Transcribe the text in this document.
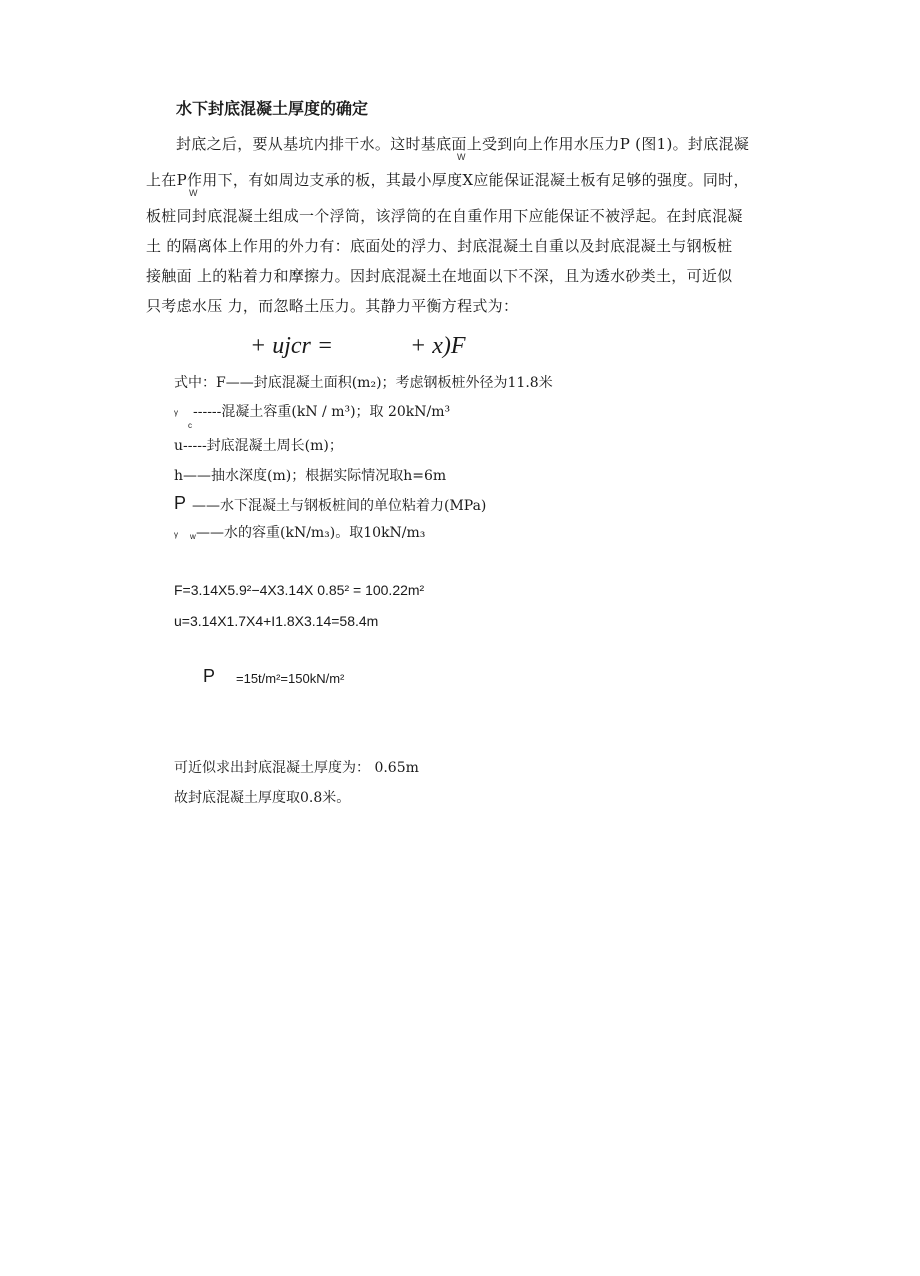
水下封底混凝土厚度的确定
封底之后，要从基坑内排干水。这时基底面上受到向上作用水压力P (图1)。封底混凝
W
上在P作用下，有如周边支承的板，其最小厚度X应能保证混凝土板有足够的强度。同时，
W
板桩同封底混凝土组成一个浮筒，该浮筒的在自重作用下应能保证不被浮起。在封底混凝
土 的隔离体上作用的外力有：底面处的浮力、封底混凝土自重以及封底混凝土与钢板桩
接触面 上的粘着力和摩擦力。因封底混凝土在地面以下不深，且为透水砂类土，可近似
只考虑水压 力，而忽略土压力。其静力平衡方程式为：
+ ujcr =	+ x)F
式中：F——封底混凝土面积(m₂)；考虑钢板桩外径为11.8米
γ
c
------混凝土容重(kN / m³)；取 20kN/m³
u-----封底混凝土周长(m)；
h——抽水深度(m)；根据实际情况取h=6m
P ——水下混凝土与钢板桩间的单位粘着力(MPa)
γ w ——水的容重(kN/m₃)。取10kN/m₃
F=3.14X5.9²−4X3.14X 0.85² = 100.22m²
u=3.14X1.7X4+I1.8X3.14=58.4m
P =15t/m²=150kN/m²
可近似求出封底混凝土厚度为： 0.65m
故封底混凝土厚度取0.8米。
